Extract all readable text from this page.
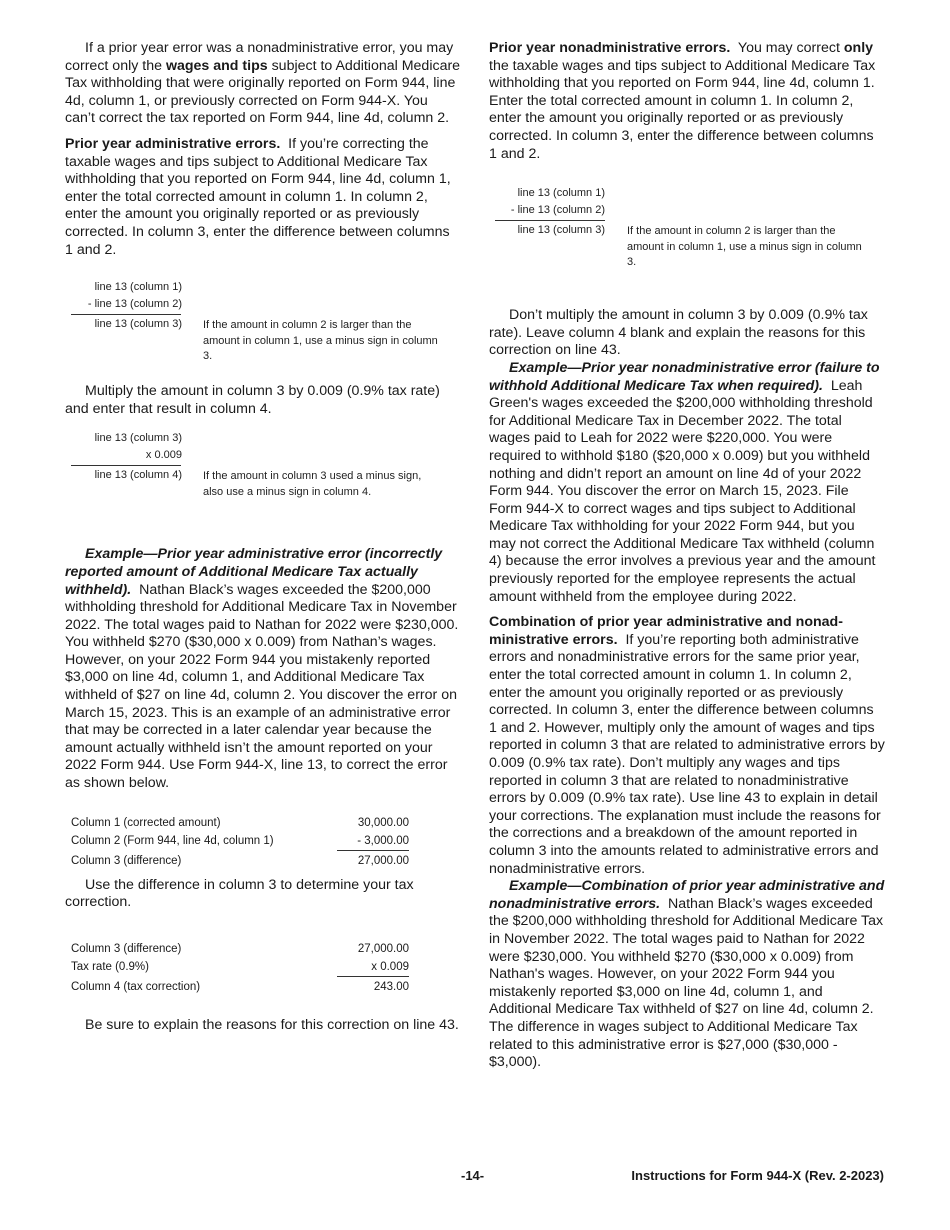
If a prior year error was a nonadministrative error, you may correct only the wages and tips subject to Additional Medicare Tax withholding that were originally reported on Form 944, line 4d, column 1, or previously corrected on Form 944-X. You can’t correct the tax reported on Form 944, line 4d, column 2.

Prior year administrative errors. If you’re correcting the taxable wages and tips subject to Additional Medicare Tax withholding that you reported on Form 944, line 4d, column 1, enter the total corrected amount in column 1. In column 2, enter the amount you originally reported or as previously corrected. In column 3, enter the difference between columns 1 and 2.

line 13 (column 1)
- line 13 (column 2)
line 13 (column 3) If the amount in column 2 is larger than the amount in column 1, use a minus sign in column 3.

Multiply the amount in column 3 by 0.009 (0.9% tax rate) and enter that result in column 4.

line 13 (column 3)
x 0.009
line 13 (column 4) If the amount in column 3 used a minus sign, also use a minus sign in column 4.

Example—Prior year administrative error (incorrectly reported amount of Additional Medicare Tax actually withheld). Nathan Black’s wages exceeded the $200,000 withholding threshold for Additional Medicare Tax in November 2022. The total wages paid to Nathan for 2022 were $230,000. You withheld $270 ($30,000 x 0.009) from Nathan’s wages. However, on your 2022 Form 944 you mistakenly reported $3,000 on line 4d, column 1, and Additional Medicare Tax withheld of $27 on line 4d, column 2. You discover the error on March 15, 2023. This is an example of an administrative error that may be corrected in a later calendar year because the amount actually withheld isn’t the amount reported on your 2022 Form 944. Use Form 944-X, line 13, to correct the error as shown below.

Column 1 (corrected amount)	30,000.00
Column 2 (Form 944, line 4d, column 1)	- 3,000.00
Column 3 (difference)	27,000.00

Use the difference in column 3 to determine your tax correction.

Column 3 (difference)	27,000.00
Tax rate (0.9%)	x 0.009
Column 4 (tax correction)	243.00

Be sure to explain the reasons for this correction on line 43.

Prior year nonadministrative errors. You may correct only the taxable wages and tips subject to Additional Medicare Tax withholding that you reported on Form 944, line 4d, column 1. Enter the total corrected amount in column 1. In column 2, enter the amount you originally reported or as previously corrected. In column 3, enter the difference between columns 1 and 2.

line 13 (column 1)
- line 13 (column 2)
line 13 (column 3) If the amount in column 2 is larger than the amount in column 1, use a minus sign in column 3.

Don’t multiply the amount in column 3 by 0.009 (0.9% tax rate). Leave column 4 blank and explain the reasons for this correction on line 43.

Example—Prior year nonadministrative error (failure to withhold Additional Medicare Tax when required). Leah Green's wages exceeded the $200,000 withholding threshold for Additional Medicare Tax in December 2022. The total wages paid to Leah for 2022 were $220,000. You were required to withhold $180 ($20,000 x 0.009) but you withheld nothing and didn’t report an amount on line 4d of your 2022 Form 944. You discover the error on March 15, 2023. File Form 944-X to correct wages and tips subject to Additional Medicare Tax withholding for your 2022 Form 944, but you may not correct the Additional Medicare Tax withheld (column 4) because the error involves a previous year and the amount previously reported for the employee represents the actual amount withheld from the employee during 2022.

Combination of prior year administrative and nonadministrative errors. If you’re reporting both administrative errors and nonadministrative errors for the same prior year, enter the total corrected amount in column 1. In column 2, enter the amount you originally reported or as previously corrected. In column 3, enter the difference between columns 1 and 2. However, multiply only the amount of wages and tips reported in column 3 that are related to administrative errors by 0.009 (0.9% tax rate). Don’t multiply any wages and tips reported in column 3 that are related to nonadministrative errors by 0.009 (0.9% tax rate). Use line 43 to explain in detail your corrections. The explanation must include the reasons for the corrections and a breakdown of the amount reported in column 3 into the amounts related to administrative errors and nonadministrative errors.

Example—Combination of prior year administrative and nonadministrative errors. Nathan Black’s wages exceeded the $200,000 withholding threshold for Additional Medicare Tax in November 2022. The total wages paid to Nathan for 2022 were $230,000. You withheld $270 ($30,000 x 0.009) from Nathan's wages. However, on your 2022 Form 944 you mistakenly reported $3,000 on line 4d, column 1, and Additional Medicare Tax withheld of $27 on line 4d, column 2. The difference in wages subject to Additional Medicare Tax related to this administrative error is $27,000 ($30,000 - $3,000).

-14-	Instructions for Form 944-X (Rev. 2-2023)
